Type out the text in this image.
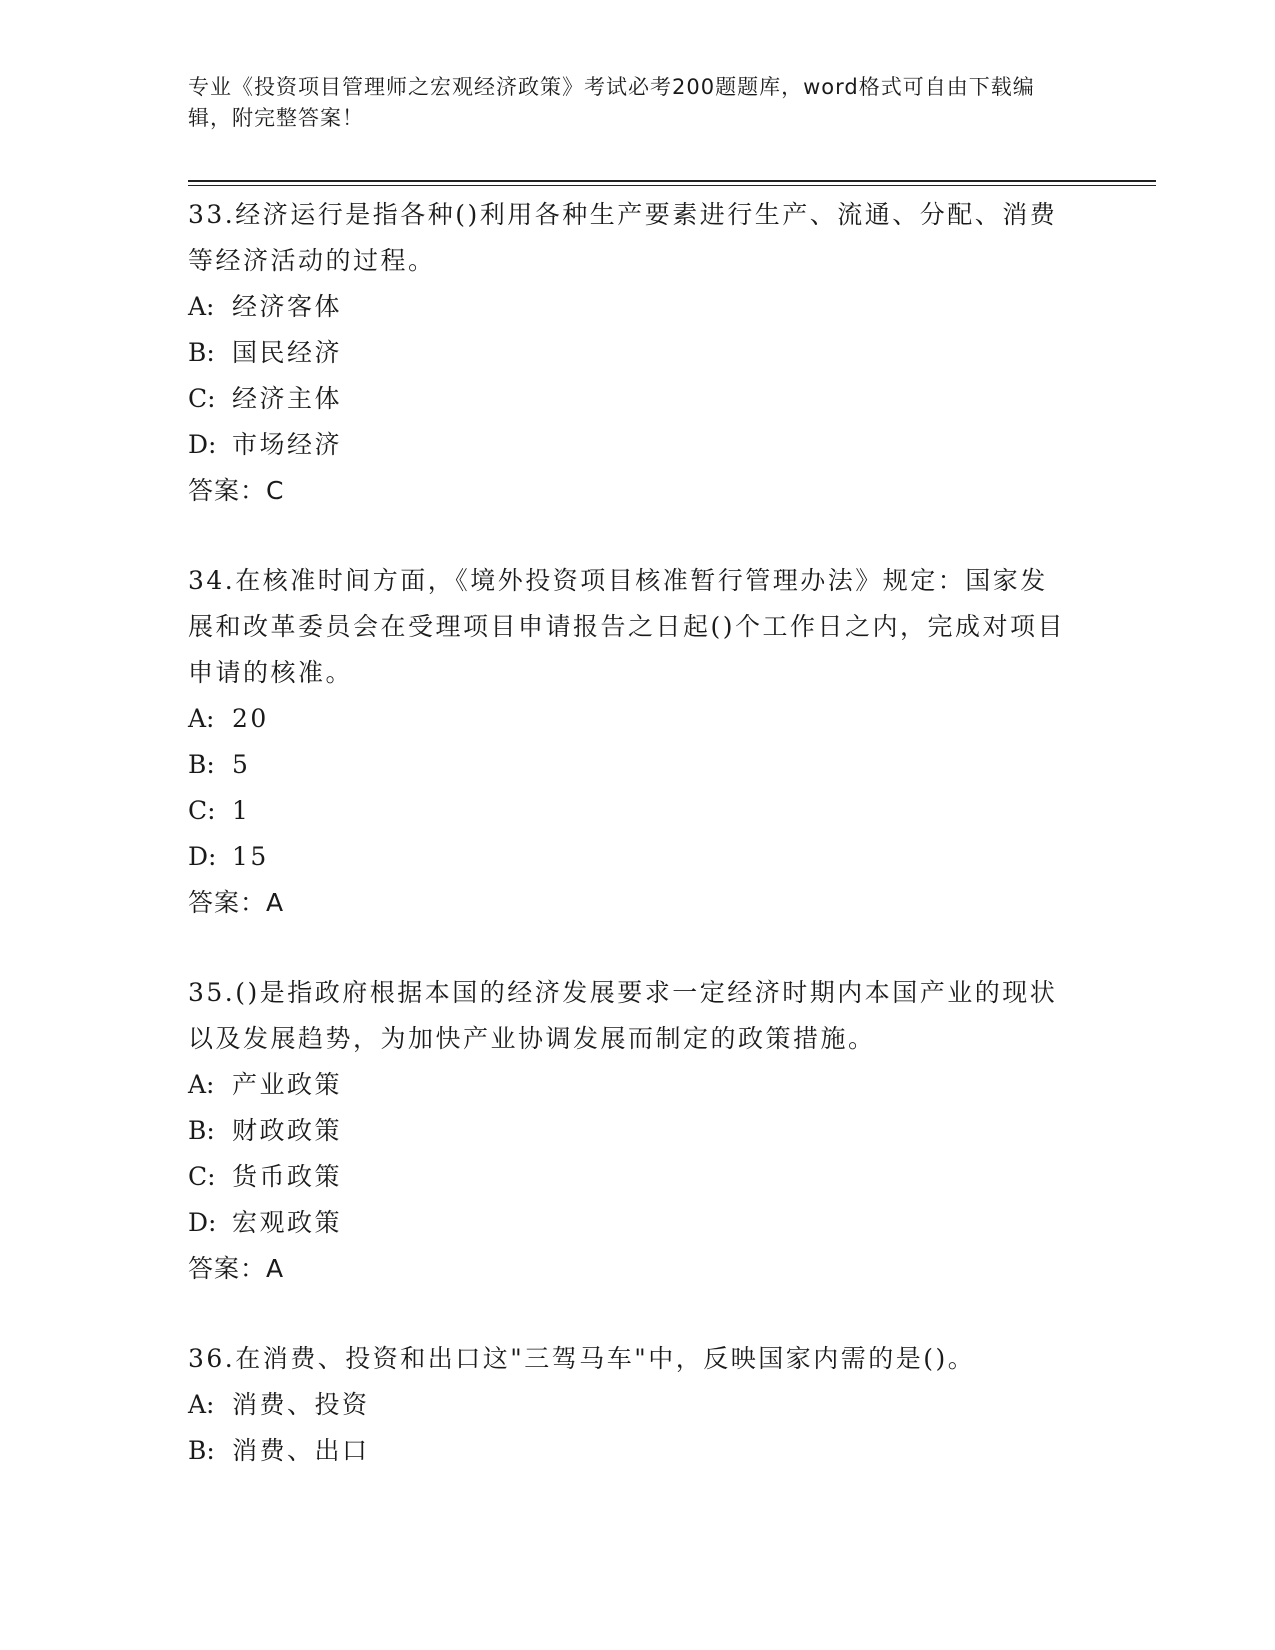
专业《投资项目管理师之宏观经济政策》考试必考200题题库，word格式可自由下载编辑，附完整答案！

33.经济运行是指各种()利用各种生产要素进行生产、流通、分配、消费等经济活动的过程。

A: 经济客体

B: 国民经济

C: 经济主体

D: 市场经济

答案：C

34.在核准时间方面，《境外投资项目核准暂行管理办法》规定：国家发展和改革委员会在受理项目申请报告之日起()个工作日之内，完成对项目申请的核准。

A: 20

B: 5

C: 1

D: 15

答案：A

35.()是指政府根据本国的经济发展要求一定经济时期内本国产业的现状以及发展趋势，为加快产业协调发展而制定的政策措施。

A: 产业政策

B: 财政政策

C: 货币政策

D: 宏观政策

答案：A

36.在消费、投资和出口这"三驾马车"中，反映国家内需的是()。

A: 消费、投资

B: 消费、出口
